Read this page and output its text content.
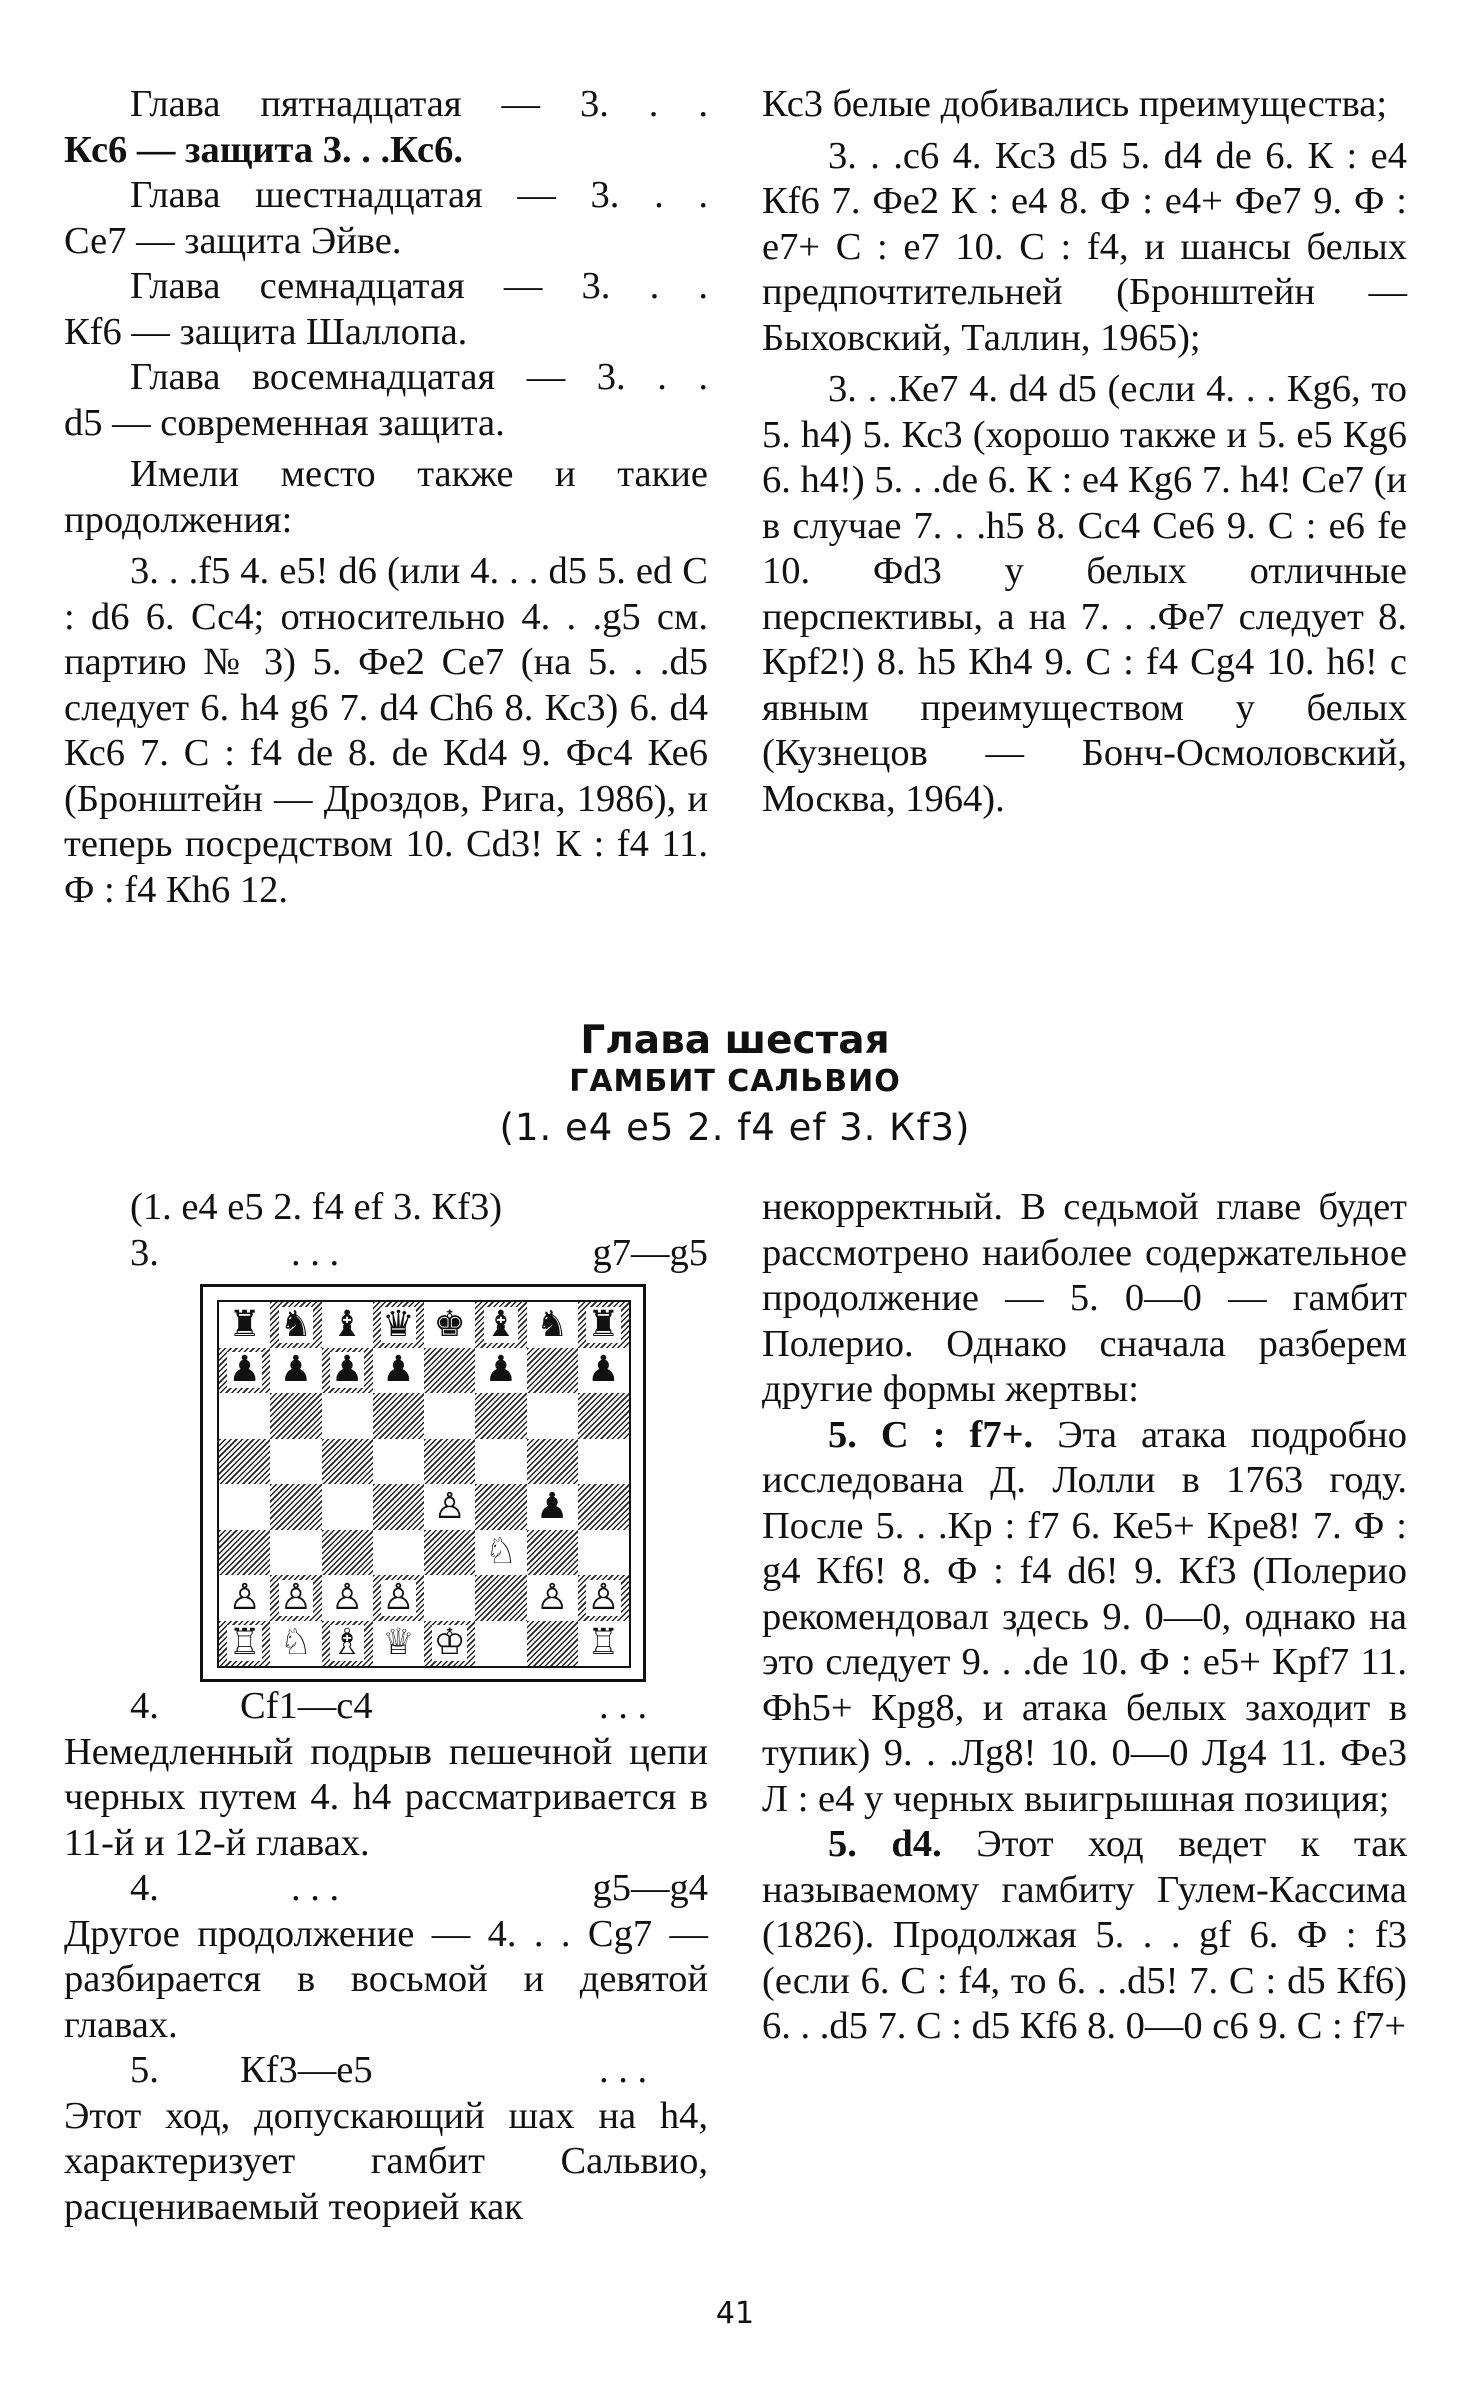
Глава пятнадцатая — 3. . .

Кс6 — защита 3. . .Кс6.

Глава шестнадцатая — 3. . .

Се7 — защита Эйве.

Глава семнадцатая — 3. . .

Кf6 — защита Шаллопа.

Глава восемнадцатая — 3. . .

d5 — современная защита.

Имели место также и такие продолжения:

3. . .f5 4. e5! d6 (или 4. . . d5 5. ed С : d6 6. Сс4; относительно 4. . .g5 см. партию № 3) 5. Фе2 Се7 (на 5. . .d5 следует 6. h4 g6 7. d4 Ch6 8. Кс3) 6. d4 Кс6 7. С : f4 de 8. de Кd4 9. Фс4 Ке6 (Бронштейн — Дроздов, Рига, 1986), и теперь посредством 10. Сd3! К : f4 11. Ф : f4 Кh6 12.

Кс3 белые добивались преимущества;

3. . .с6 4. Кс3 d5 5. d4 de 6. К : e4 Кf6 7. Фе2 К : e4 8. Ф : e4+ Фе7 9. Ф : е7+ С : е7 10. С : f4, и шансы белых предпочтительней (Бронштейн — Быховский, Таллин, 1965);

3. . .Ке7 4. d4 d5 (если 4. . . Кg6, то 5. h4) 5. Кс3 (хорошо также и 5. е5 Кg6 6. h4!) 5. . .de 6. К : e4 Кg6 7. h4! Се7 (и в случае 7. . .h5 8. Сс4 Се6 9. С : е6 fe 10. Фd3 у белых отличные перспективы, а на 7. . .Фе7 следует 8. Крf2!) 8. h5 Кh4 9. С : f4 Сg4 10. h6! с явным преимуществом у белых (Кузнецов — Бонч-Осмоловский, Москва, 1964).

Глава шестая
ГАМБИТ САЛЬВИО
(1. e4 e5 2. f4 ef 3. Кf3)

(1. e4 e5 2. f4 ef 3. Кf3)

3.	. . .	g7—g5
♜ ♞ ♝ ♛ ♚ ♝ ♞ ♜
♟ ♟ ♟ ♟ ♟ ♟
♙ ♟
♘
♙ ♙ ♙ ♙	♙ ♙
♖ ♘ ♗ ♕ ♔	♖
4.	Сf1—с4	. . .

Немедленный подрыв пешечной цепи черных путем 4. h4 рассматривается в 11-й и 12-й главах.

4.	. . .	g5—g4

Другое продолжение — 4. . . Сg7 — разбирается в восьмой и девятой главах.

5.	Кf3—е5	. . .

Этот ход, допускающий шах на h4, характеризует гамбит Сальвио, расцениваемый теорией как

некорректный. В седьмой главе будет рассмотрено наиболее содержательное продолжение — 5. 0—0 — гамбит Полерио. Однако сначала разберем другие формы жертвы:

5. С : f7+. Эта атака подробно исследована Д. Лолли в 1763 году. После 5. . .Кр : f7 6. Ке5+ Крe8! 7. Ф : g4 Кf6! 8. Ф : f4 d6! 9. Кf3 (Полерио рекомендовал здесь 9. 0—0, однако на это следует 9. . .de 10. Ф : е5+ Крf7 11. Фh5+ Крg8, и атака белых заходит в тупик) 9. . .Лg8! 10. 0—0 Лg4 11. Фе3 Л : е4 у черных выигрышная позиция;

5. d4. Этот ход ведет к так называемому гамбиту Гулем-Кассима (1826). Продолжая 5. . . gf 6. Ф : f3 (если 6. С : f4, то 6. . .d5! 7. С : d5 Кf6) 6. . .d5 7. С : d5 Кf6 8. 0—0 с6 9. С : f7+

41
